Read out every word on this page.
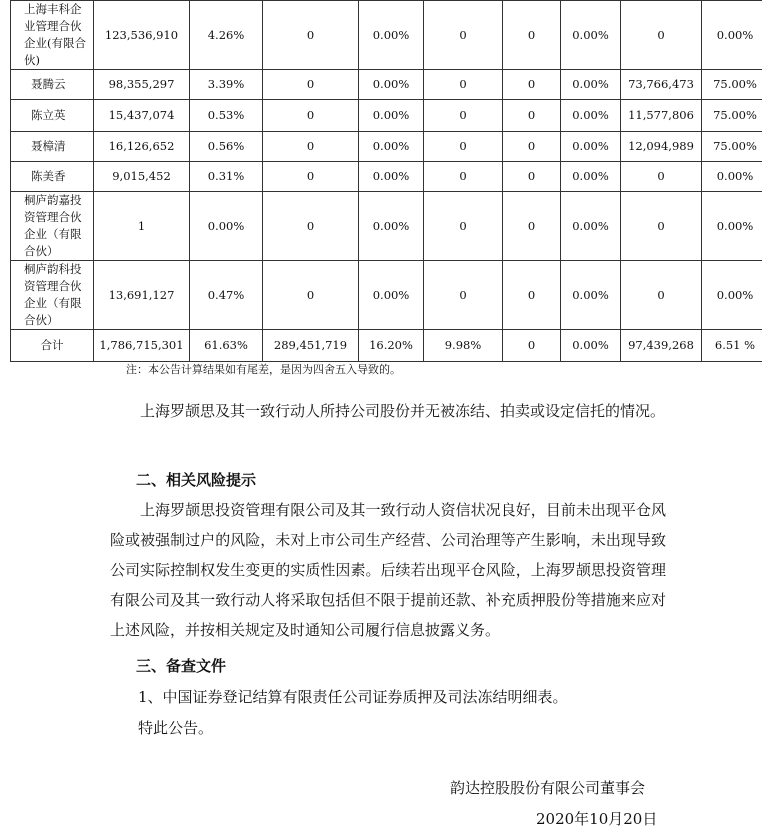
上海丰科企业管理合伙企业(有限合伙)	123,536,910	4.26%	0	0.00%	0	0	0.00%	0	0.00%
聂腾云	98,355,297	3.39%	0	0.00%	0	0	0.00%	73,766,473	75.00%
陈立英	15,437,074	0.53%	0	0.00%	0	0	0.00%	11,577,806	75.00%
聂樟清	16,126,652	0.56%	0	0.00%	0	0	0.00%	12,094,989	75.00%
陈美香	9,015,452	0.31%	0	0.00%	0	0	0.00%	0	0.00%
桐庐韵嘉投资管理合伙企业（有限合伙）	1	0.00%	0	0.00%	0	0	0.00%	0	0.00%
桐庐韵科投资管理合伙企业（有限合伙）	13,691,127	0.47%	0	0.00%	0	0	0.00%	0	0.00%
合计	1,786,715,301	61.63%	289,451,719	16.20%	9.98%	0	0.00%	97,439,268	6.51 %
注：本公告计算结果如有尾差，是因为四舍五入导致的。

上海罗颉思及其一致行动人所持公司股份并无被冻结、拍卖或设定信托的情况。

二、相关风险提示

上海罗颉思投资管理有限公司及其一致行动人资信状况良好，目前未出现平仓风险或被强制过户的风险，未对上市公司生产经营、公司治理等产生影响，未出现导致公司实际控制权发生变更的实质性因素。后续若出现平仓风险，上海罗颉思投资管理有限公司及其一致行动人将采取包括但不限于提前还款、补充质押股份等措施来应对上述风险，并按相关规定及时通知公司履行信息披露义务。

三、备查文件
1、中国证券登记结算有限责任公司证券质押及司法冻结明细表。
特此公告。
韵达控股股份有限公司董事会
2020年10月20日
